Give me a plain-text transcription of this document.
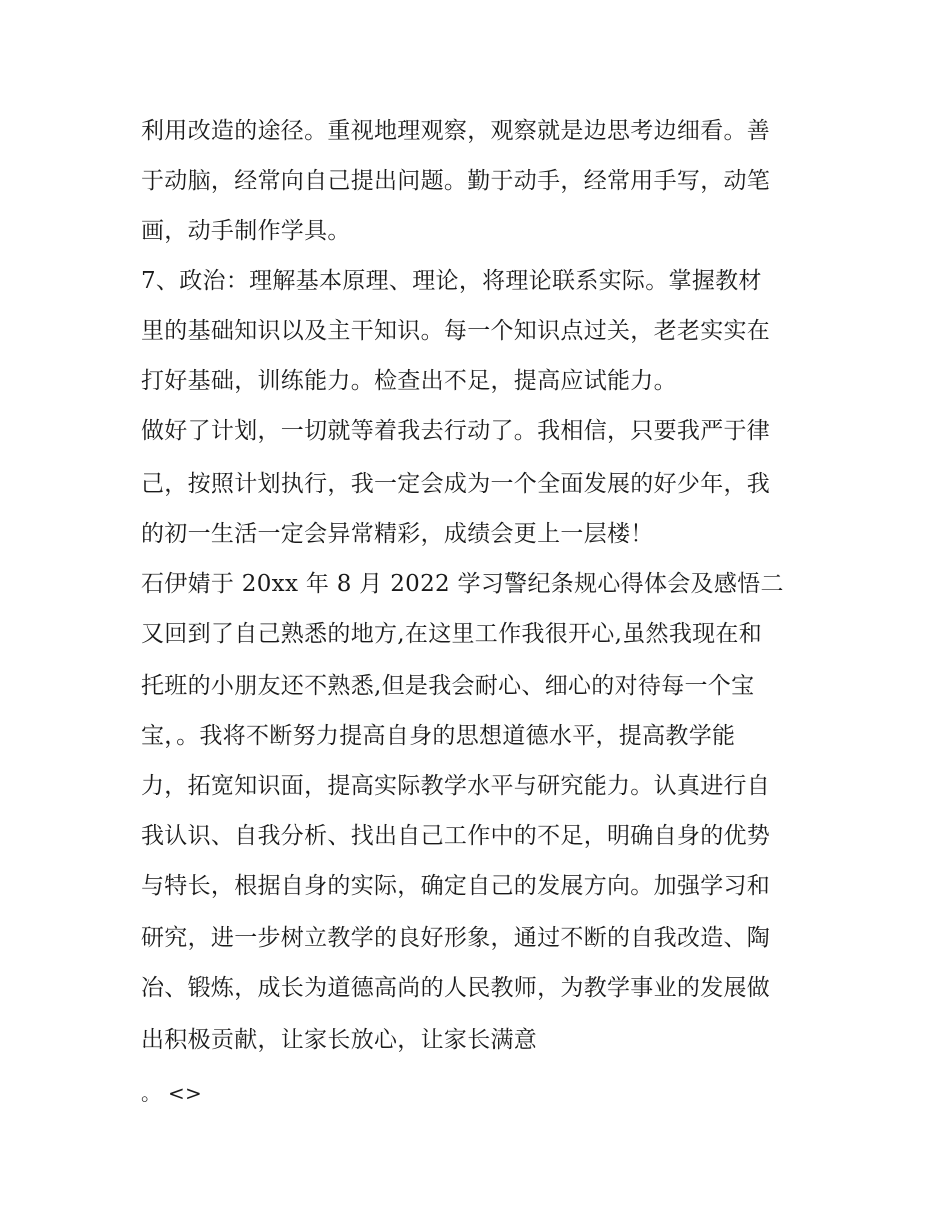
利用改造的途径。重视地理观察，观察就是边思考边细看。善
于动脑，经常向自己提出问题。勤于动手，经常用手写，动笔
画，动手制作学具。
7、政治：理解基本原理、理论，将理论联系实际。掌握教材
里的基础知识以及主干知识。每一个知识点过关，老老实实在
打好基础，训练能力。检查出不足，提高应试能力。
做好了计划，一切就等着我去行动了。我相信，只要我严于律
己，按照计划执行，我一定会成为一个全面发展的好少年，我
的初一生活一定会异常精彩，成绩会更上一层楼！
石伊婧于 20xx 年 8 月 2022 学习警纪条规心得体会及感悟二
又回到了自己熟悉的地方,在这里工作我很开心,虽然我现在和
托班的小朋友还不熟悉,但是我会耐心、细心的对待每一个宝
宝，。我将不断努力提高自身的思想道德水平，提高教学能
力，拓宽知识面，提高实际教学水平与研究能力。认真进行自
我认识、自我分析、找出自己工作中的不足，明确自身的优势
与特长，根据自身的实际，确定自己的发展方向。加强学习和
研究，进一步树立教学的良好形象，通过不断的自我改造、陶
冶、锻炼，成长为道德高尚的人民教师，为教学事业的发展做
出积极贡献，让家长放心，让家长满意
。 <>
